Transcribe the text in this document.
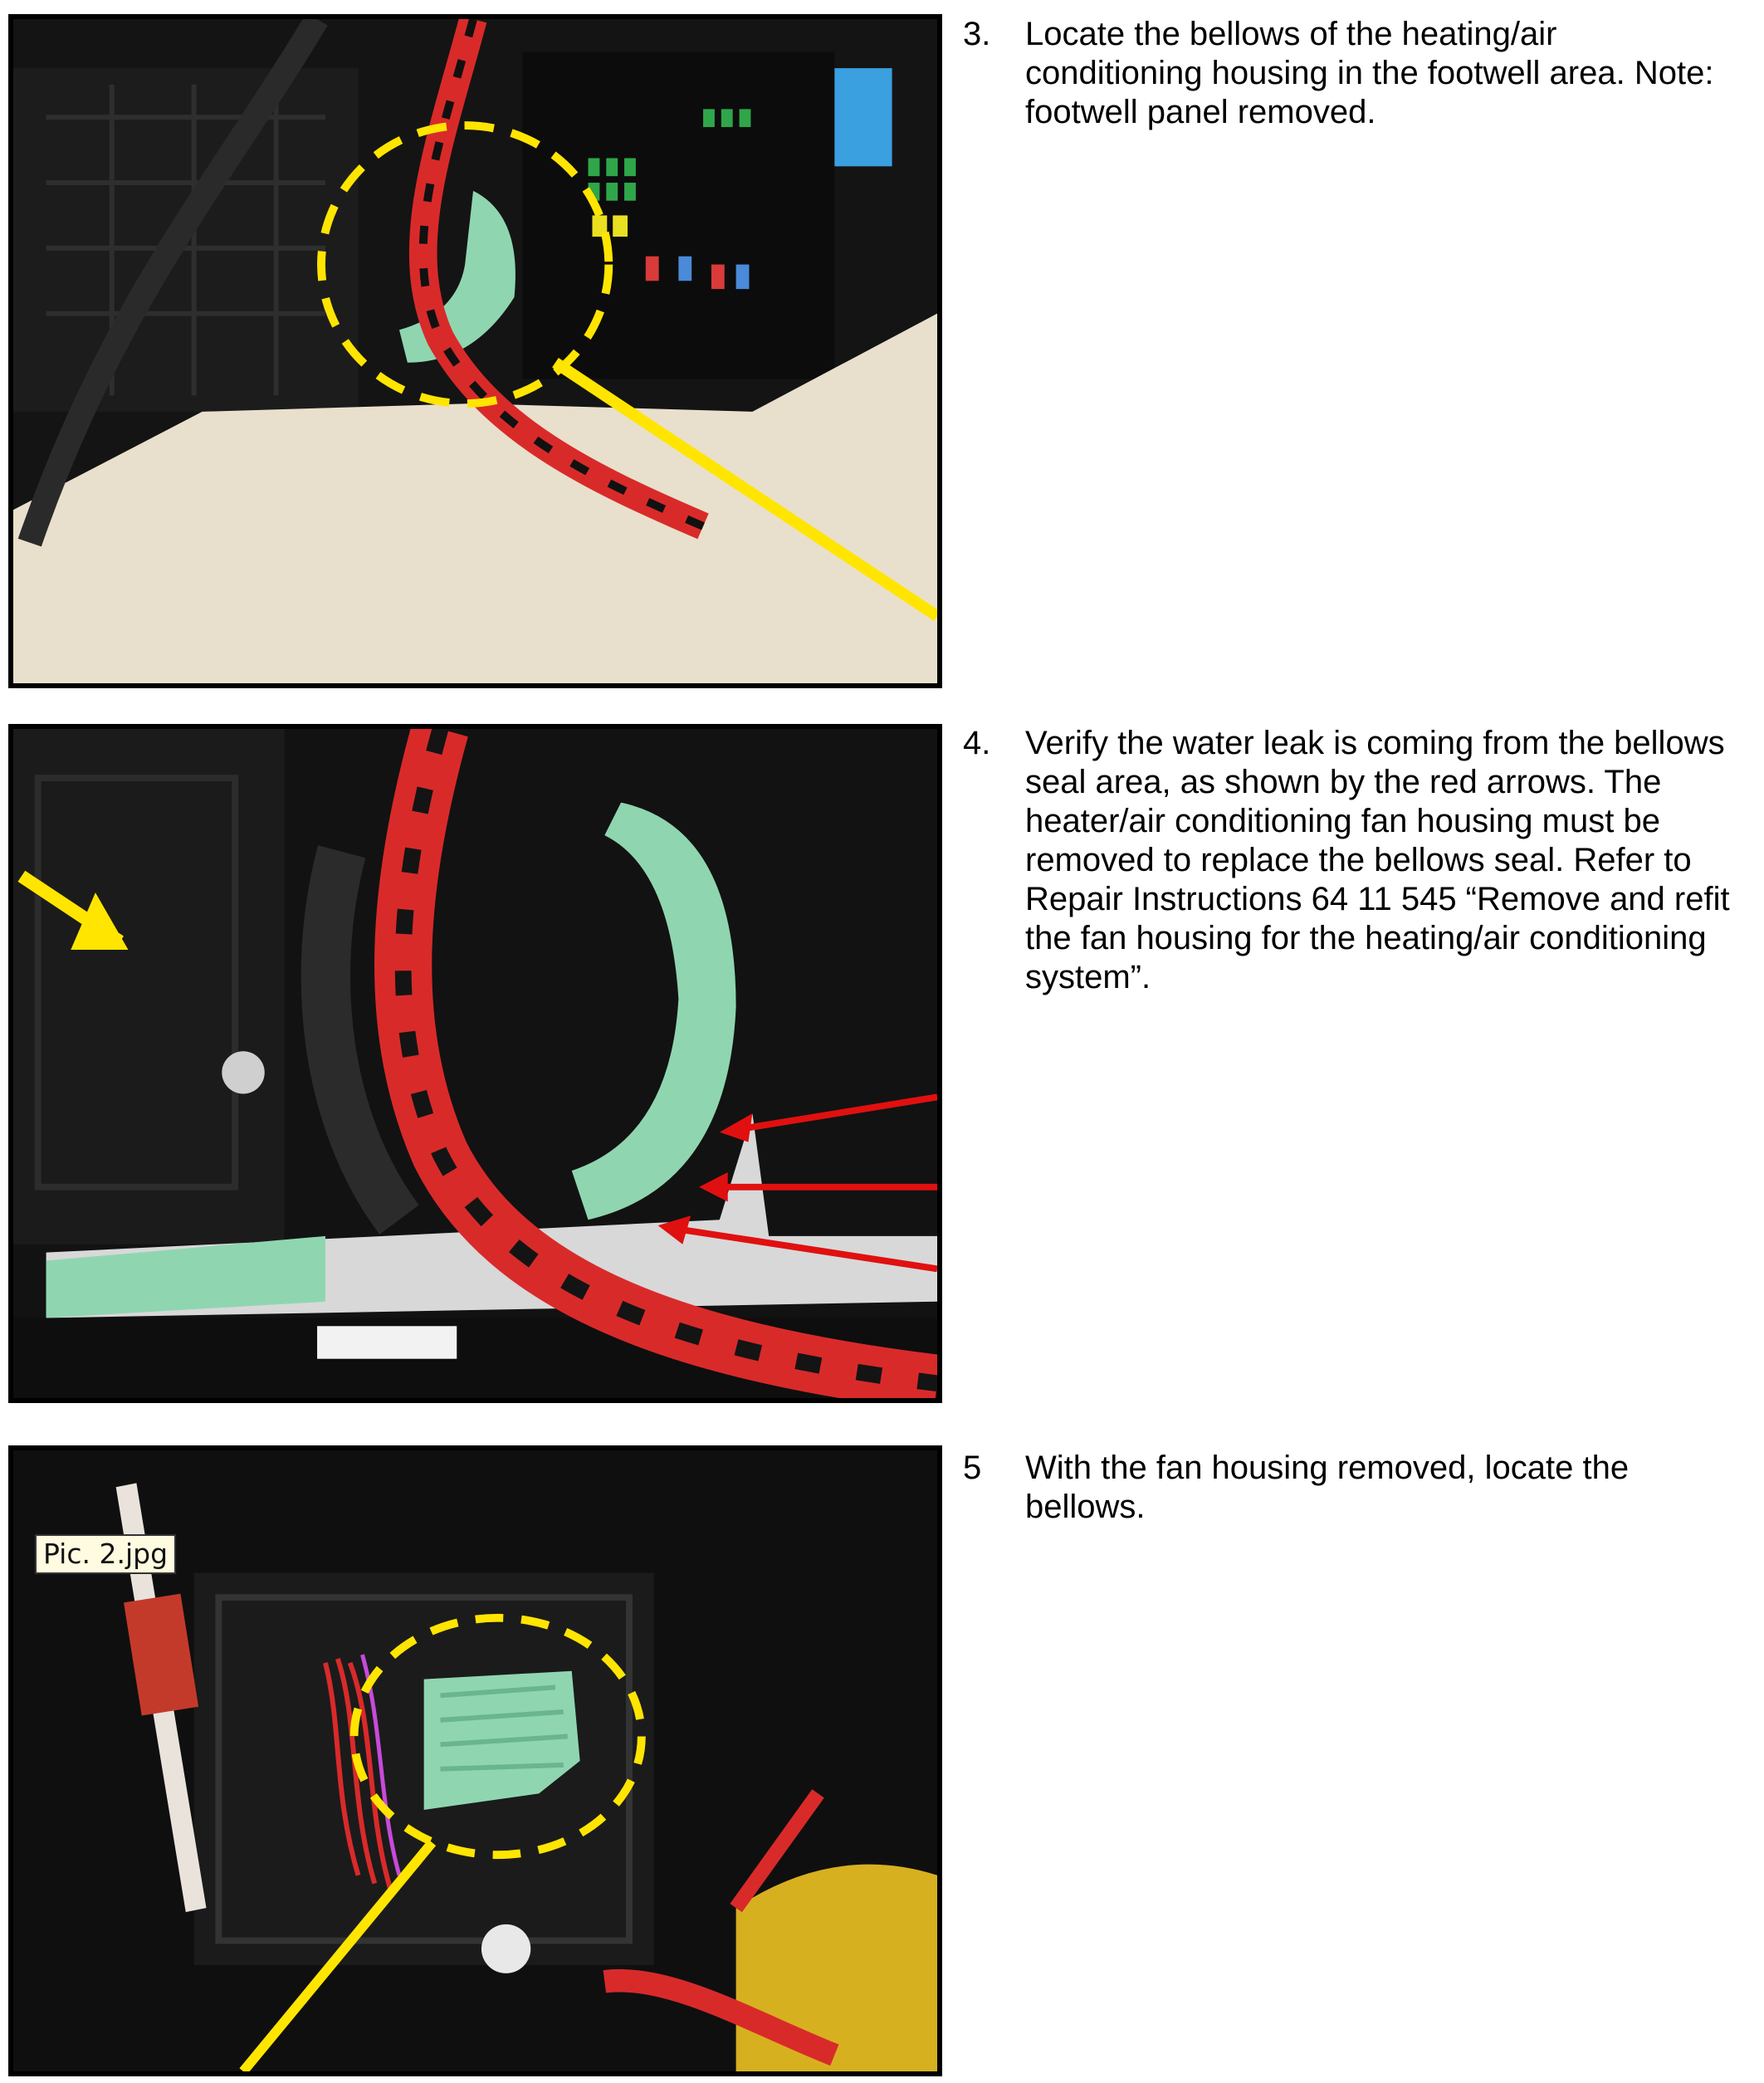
3. Locate the bellows of the heating/air conditioning housing in the footwell area. Note: footwell panel removed.
4. Verify the water leak is coming from the bellows seal area, as shown by the red arrows. The heater/air conditioning fan housing must be removed to replace the bellows seal. Refer to Repair Instructions 64 11 545 “Remove and refit the fan housing for the heating/air conditioning system”.
Pic. 2.jpg
5 With the fan housing removed, locate the bellows.
